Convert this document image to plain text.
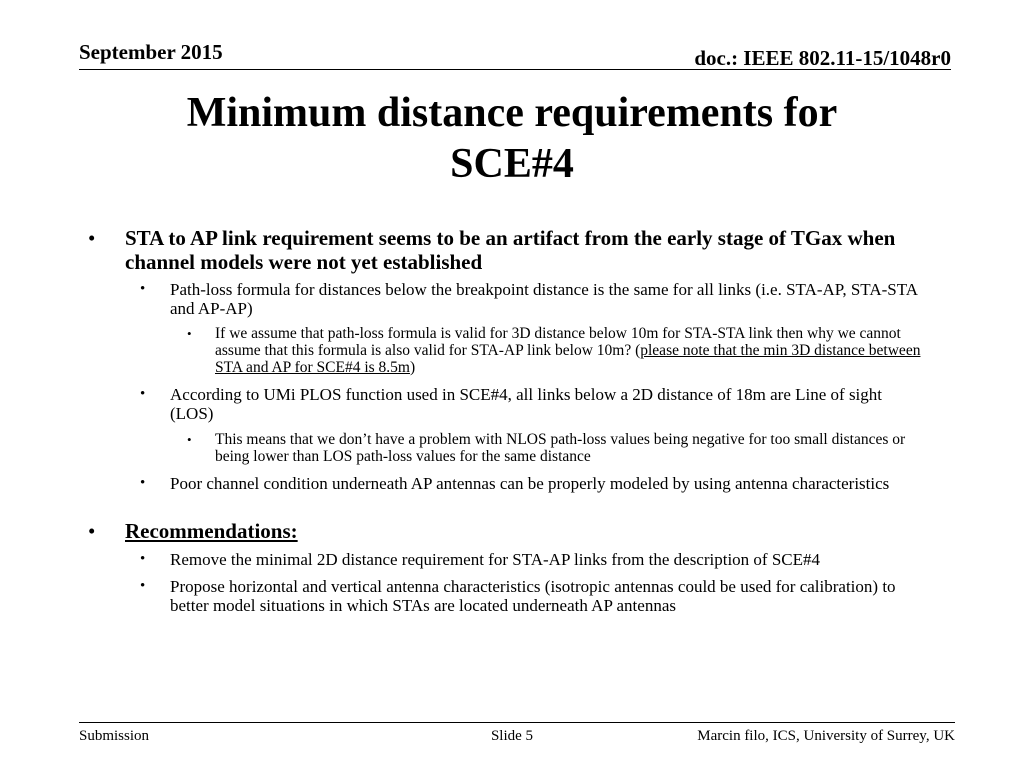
September 2015	doc.: IEEE 802.11-15/1048r0
Minimum distance requirements for
SCE#4
• STA to AP link requirement seems to be an artifact from the early stage of TGax when channel models were not yet established
• Path-loss formula for distances below the breakpoint distance is the same for all links (i.e. STA-AP, STA-STA and AP-AP)
• If we assume that path-loss formula is valid for 3D distance below 10m for STA-STA link then why we cannot assume that this formula is also valid for STA-AP link below 10m? (please note that the min 3D distance between STA and AP for SCE#4 is 8.5m)
• According to UMi PLOS function used in SCE#4, all links below a 2D distance of 18m are Line of sight (LOS)
• This means that we don’t have a problem with NLOS path-loss values being negative for too small distances or being lower than LOS path-loss values for the same distance
• Poor channel condition underneath AP antennas can be properly modeled by using antenna characteristics
• Recommendations:
• Remove the minimal 2D distance requirement for STA-AP links from the description of SCE#4
• Propose horizontal and vertical antenna characteristics (isotropic antennas could be used for calibration) to better model situations in which STAs are located underneath AP antennas
Submission	Slide 5	Marcin filo, ICS, University of Surrey, UK
